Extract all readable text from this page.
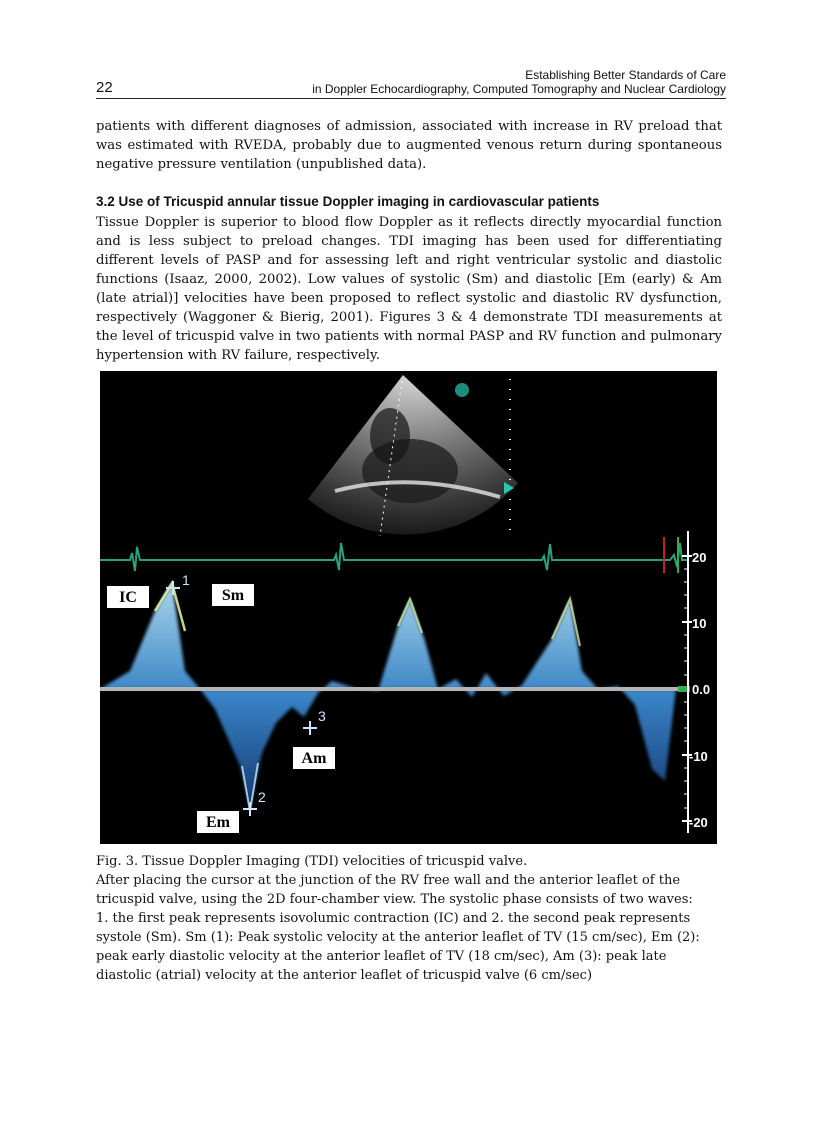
22
Establishing Better Standards of Care
in Doppler Echocardiography, Computed Tomography and Nuclear Cardiology

patients with different diagnoses of admission, associated with increase in RV preload that was estimated with RVEDA, probably due to augmented venous return during spontaneous negative pressure ventilation (unpublished data).

3.2 Use of Tricuspid annular tissue Doppler imaging in cardiovascular patients

Tissue Doppler is superior to blood flow Doppler as it reflects directly myocardial function and is less subject to preload changes. TDI imaging has been used for differentiating different levels of PASP and for assessing left and right ventricular systolic and diastolic functions (Isaaz, 2000, 2002). Low values of systolic (Sm) and diastolic [Em (early) & Am (late atrial)] velocities have been proposed to reflect systolic and diastolic RV dysfunction, respectively (Waggoner & Bierig, 2001). Figures 3 & 4 demonstrate TDI measurements at the level of tricuspid valve in two patients with normal PASP and RV function and pulmonary hypertension with RV failure, respectively.

20
10
0.0
-10
-20
1
2
3
IC	Sm
Am
Em

Fig. 3. Tissue Doppler Imaging (TDI) velocities of tricuspid valve.
After placing the cursor at the junction of the RV free wall and the anterior leaflet of the
tricuspid valve, using the 2D four-chamber view. The systolic phase consists of two waves:
1. the first peak represents isovolumic contraction (IC) and 2. the second peak represents
systole (Sm). Sm (1): Peak systolic velocity at the anterior leaflet of TV (15 cm/sec), Em (2):
peak early diastolic velocity at the anterior leaflet of TV (18 cm/sec), Am (3): peak late
diastolic (atrial) velocity at the anterior leaflet of tricuspid valve (6 cm/sec)
